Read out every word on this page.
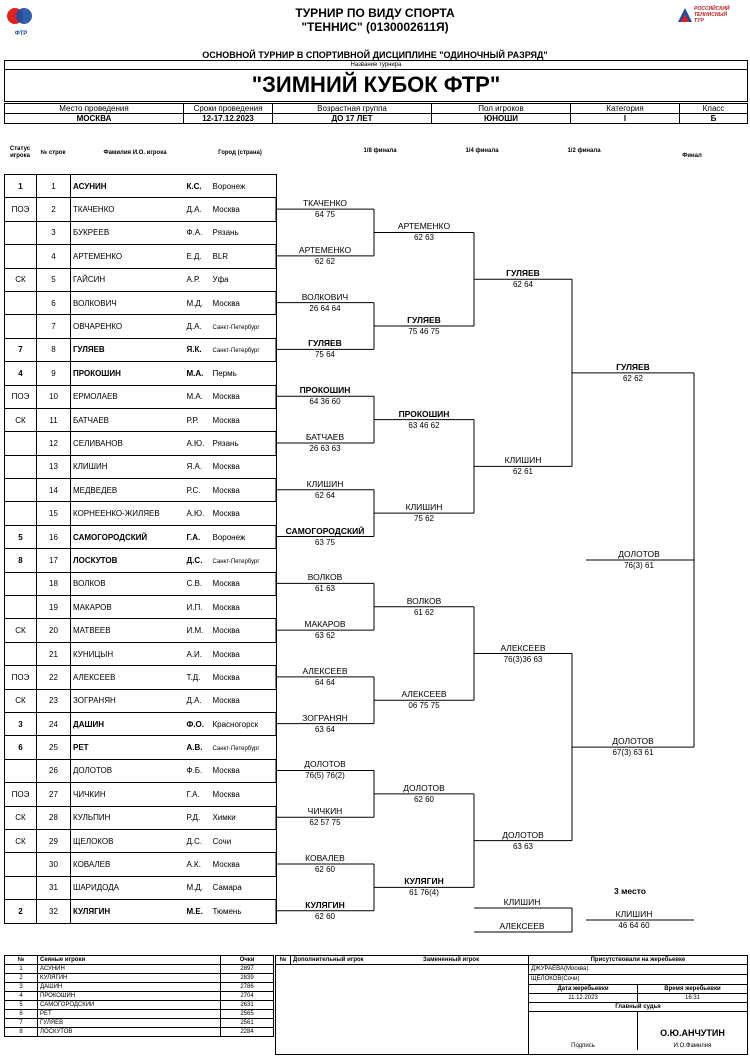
ФТР
РОССИЙСКИЙ ТЕННИСНЫЙ ТУР
ТУРНИР ПО ВИДУ СПОРТА
"ТЕННИС" (0130002611Я)
ОСНОВНОЙ ТУРНИР В СПОРТИВНОЙ ДИСЦИПЛИНЕ "ОДИНОЧНЫЙ РАЗРЯД"
Название турнира
"ЗИМНИЙ КУБОК ФТР"
Место проведения	Сроки проведения	Возрастная группа	Пол игроков	Категория	Класс
МОСКВА	12-17.12.2023	ДО 17 ЛЕТ	ЮНОШИ	I	Б
Статус игрока	№ строк	Фамилия И.О. игрока	Город (страна)	1/8 финала	1/4 финала	1/2 финала
Финал
1	1	АСУНИН	К.С. Воронеж
ПОЭ	2	ТКАЧЕНКО	Д.А. Москва
	3	БУКРЕЕВ	Ф.А. Рязань
	4	АРТЕМЕНКО	Е.Д. BLR
СК	5	ГАЙСИН	А.Р. Уфа
	6	ВОЛКОВИЧ	М.Д. Москва
	7	ОВЧАРЕНКО	Д.А. Санкт-Петербург
7	8	ГУЛЯЕВ	Я.К. Санкт-Петербург
4	9	ПРОКОШИН	М.А. Пермь
ПОЭ	10	ЕРМОЛАЕВ	М.А. Москва
СК	11	БАТЧАЕВ	Р.Р. Москва
	12	СЕЛИВАНОВ	А.Ю. Рязань
	13	КЛИШИН	Я.А. Москва
	14	МЕДВЕДЕВ	Р.С. Москва
	15	КОРНЕЕНКО-ЖИЛЯЕВ	А.Ю. Москва
5	16	САМОГОРОДСКИЙ	Г.А. Воронеж
8	17	ЛОСКУТОВ	Д.С. Санкт-Петербург
	18	ВОЛКОВ	С.В. Москва
	19	МАКАРОВ	И.П. Москва
СК	20	МАТВЕЕВ	И.М. Москва
	21	КУНИЦЫН	А.И. Москва
ПОЭ	22	АЛЕКСЕЕВ	Т.Д. Москва
СК	23	ЗОГРАНЯН	Д.А. Москва
3	24	ДАШИН	Ф.О. Красногорск
6	25	РЕТ	А.В. Санкт-Петербург
	26	ДОЛОТОВ	Ф.Б. Москва
ПОЭ	27	ЧИЧКИН	Г.А. Москва
СК	28	КУЛЬПИН	Р.Д. Химки
СК	29	ЩЕЛОКОВ	Д.С. Сочи
	30	КОВАЛЕВ	А.К. Москва
	31	ШАРИДОДА	М.Д. Самара
2	32	КУЛЯГИН	М.Е. Тюмень
ТКАЧЕНКО
64 75
АРТЕМЕНКО
62 62
ВОЛКОВИЧ
26 64 64
ГУЛЯЕВ
75 64
ПРОКОШИН
64 36 60
БАТЧАЕВ
26 63 63
КЛИШИН
62 64
САМОГОРОДСКИЙ
63 75
ВОЛКОВ
61 63
МАКАРОВ
63 62
АЛЕКСЕЕВ
64 64
ЗОГРАНЯН
63 64
ДОЛОТОВ
76(5) 76(2)
ЧИЧКИН
62 57 75
КОВАЛЕВ
62 60
КУЛЯГИН
62 60
АРТЕМЕНКО
62 63
ГУЛЯЕВ
75 46 75
ПРОКОШИН
63 46 62
КЛИШИН
75 62
ВОЛКОВ
61 62
АЛЕКСЕЕВ
06 75 75
ДОЛОТОВ
62 60
КУЛЯГИН
61 76(4)
ГУЛЯЕВ
62 64
КЛИШИН
62 61
АЛЕКСЕЕВ
76(3)36 63
ДОЛОТОВ
63 63
ГУЛЯЕВ
62 62
ДОЛОТОВ
67(3) 63 61
ДОЛОТОВ
76(3) 61
3 место
КЛИШИН
АЛЕКСЕЕВ
КЛИШИН
46 64 60
№	Сеяные игроки	Очки
1	АСУНИН	2897
2	КУЛЯГИН	2839
3	ДАШИН	2786
4	ПРОКОШИН	2704
5	САМОГОРОДСКИЙ	2631
6	РЕТ	2565
7	ГУЛЯЕВ	2561
8	ЛОСКУТОВ	2284
№	Дополнительный игрок	Замененный игрок	Присутствовали на жеребьевке
ДЖУРАЕВА(Москва)
ЩЕЛОКОВ(Сочи)
Дата жеребьевки	Время жеребьевки
11.12.2023	16:31
Главный судья
Подпись
О.Ю.АНЧУТИН
И.О.Фамилия
